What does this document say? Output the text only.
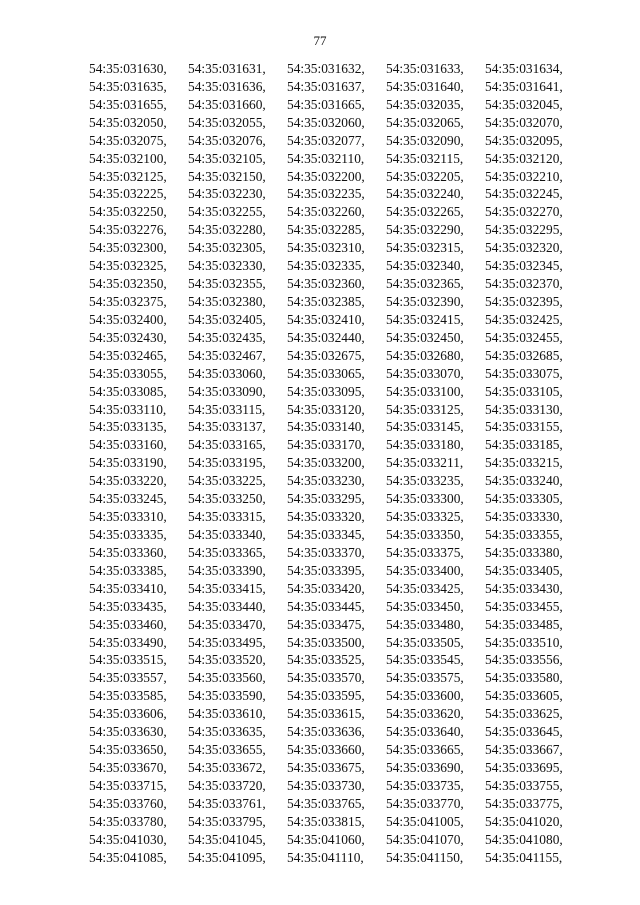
77
54:35:031630,	54:35:031631,	54:35:031632,	54:35:031633,	54:35:031634,
54:35:031635,	54:35:031636,	54:35:031637,	54:35:031640,	54:35:031641,
54:35:031655,	54:35:031660,	54:35:031665,	54:35:032035,	54:35:032045,
54:35:032050,	54:35:032055,	54:35:032060,	54:35:032065,	54:35:032070,
54:35:032075,	54:35:032076,	54:35:032077,	54:35:032090,	54:35:032095,
54:35:032100,	54:35:032105,	54:35:032110,	54:35:032115,	54:35:032120,
54:35:032125,	54:35:032150,	54:35:032200,	54:35:032205,	54:35:032210,
54:35:032225,	54:35:032230,	54:35:032235,	54:35:032240,	54:35:032245,
54:35:032250,	54:35:032255,	54:35:032260,	54:35:032265,	54:35:032270,
54:35:032276,	54:35:032280,	54:35:032285,	54:35:032290,	54:35:032295,
54:35:032300,	54:35:032305,	54:35:032310,	54:35:032315,	54:35:032320,
54:35:032325,	54:35:032330,	54:35:032335,	54:35:032340,	54:35:032345,
54:35:032350,	54:35:032355,	54:35:032360,	54:35:032365,	54:35:032370,
54:35:032375,	54:35:032380,	54:35:032385,	54:35:032390,	54:35:032395,
54:35:032400,	54:35:032405,	54:35:032410,	54:35:032415,	54:35:032425,
54:35:032430,	54:35:032435,	54:35:032440,	54:35:032450,	54:35:032455,
54:35:032465,	54:35:032467,	54:35:032675,	54:35:032680,	54:35:032685,
54:35:033055,	54:35:033060,	54:35:033065,	54:35:033070,	54:35:033075,
54:35:033085,	54:35:033090,	54:35:033095,	54:35:033100,	54:35:033105,
54:35:033110,	54:35:033115,	54:35:033120,	54:35:033125,	54:35:033130,
54:35:033135,	54:35:033137,	54:35:033140,	54:35:033145,	54:35:033155,
54:35:033160,	54:35:033165,	54:35:033170,	54:35:033180,	54:35:033185,
54:35:033190,	54:35:033195,	54:35:033200,	54:35:033211,	54:35:033215,
54:35:033220,	54:35:033225,	54:35:033230,	54:35:033235,	54:35:033240,
54:35:033245,	54:35:033250,	54:35:033295,	54:35:033300,	54:35:033305,
54:35:033310,	54:35:033315,	54:35:033320,	54:35:033325,	54:35:033330,
54:35:033335,	54:35:033340,	54:35:033345,	54:35:033350,	54:35:033355,
54:35:033360,	54:35:033365,	54:35:033370,	54:35:033375,	54:35:033380,
54:35:033385,	54:35:033390,	54:35:033395,	54:35:033400,	54:35:033405,
54:35:033410,	54:35:033415,	54:35:033420,	54:35:033425,	54:35:033430,
54:35:033435,	54:35:033440,	54:35:033445,	54:35:033450,	54:35:033455,
54:35:033460,	54:35:033470,	54:35:033475,	54:35:033480,	54:35:033485,
54:35:033490,	54:35:033495,	54:35:033500,	54:35:033505,	54:35:033510,
54:35:033515,	54:35:033520,	54:35:033525,	54:35:033545,	54:35:033556,
54:35:033557,	54:35:033560,	54:35:033570,	54:35:033575,	54:35:033580,
54:35:033585,	54:35:033590,	54:35:033595,	54:35:033600,	54:35:033605,
54:35:033606,	54:35:033610,	54:35:033615,	54:35:033620,	54:35:033625,
54:35:033630,	54:35:033635,	54:35:033636,	54:35:033640,	54:35:033645,
54:35:033650,	54:35:033655,	54:35:033660,	54:35:033665,	54:35:033667,
54:35:033670,	54:35:033672,	54:35:033675,	54:35:033690,	54:35:033695,
54:35:033715,	54:35:033720,	54:35:033730,	54:35:033735,	54:35:033755,
54:35:033760,	54:35:033761,	54:35:033765,	54:35:033770,	54:35:033775,
54:35:033780,	54:35:033795,	54:35:033815,	54:35:041005,	54:35:041020,
54:35:041030,	54:35:041045,	54:35:041060,	54:35:041070,	54:35:041080,
54:35:041085,	54:35:041095,	54:35:041110,	54:35:041150,	54:35:041155,
